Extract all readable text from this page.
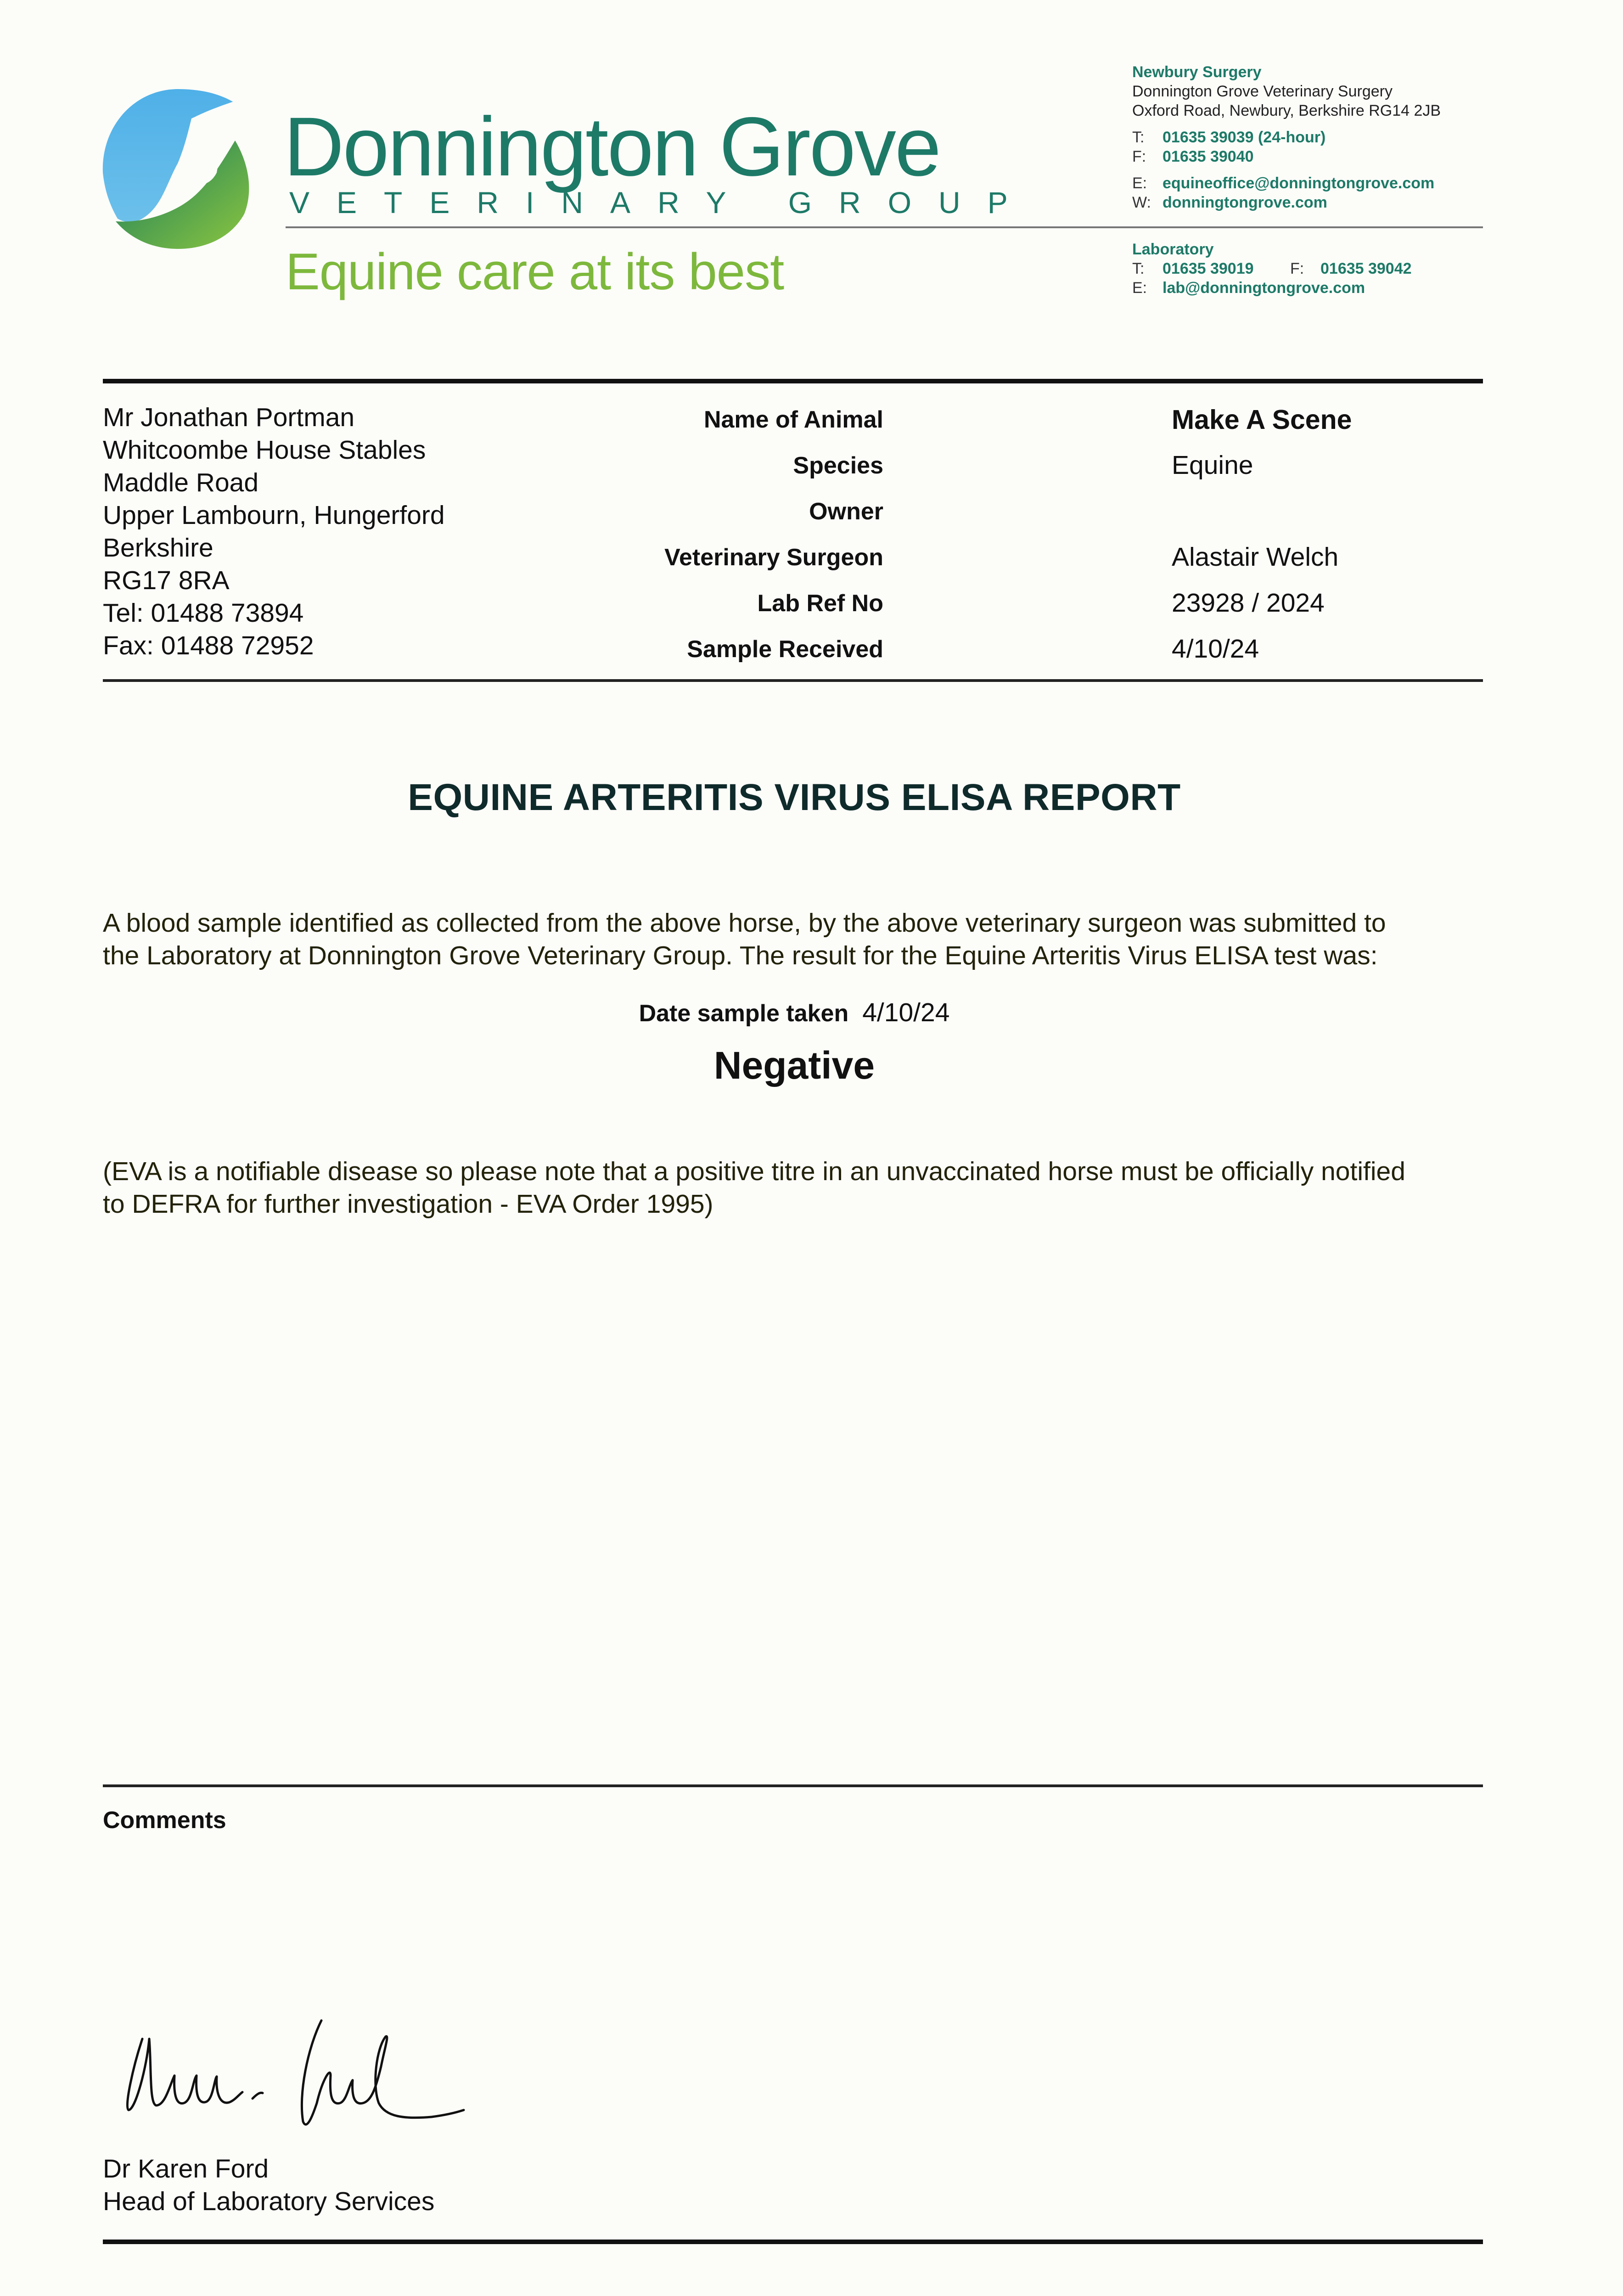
Donnington Grove
VETERINARY GROUP
Equine care at its best
Newbury Surgery
Donnington Grove Veterinary Surgery
Oxford Road, Newbury, Berkshire RG14 2JB
T: 01635 39039 (24-hour)
F: 01635 39040
E: equineoffice@donningtongrove.com
W: donningtongrove.com
Laboratory
T: 01635 39019 F: 01635 39042
E: lab@donningtongrove.com
Mr Jonathan Portman
Whitcoombe House Stables
Maddle Road
Upper Lambourn, Hungerford
Berkshire
RG17 8RA
Tel: 01488 73894
Fax: 01488 72952
Name of Animal	Make A Scene
Species	Equine
Owner
Veterinary Surgeon	Alastair Welch
Lab Ref No	23928 / 2024
Sample Received	4/10/24
EQUINE ARTERITIS VIRUS ELISA REPORT
A blood sample identified as collected from the above horse, by the above veterinary surgeon was submitted to
the Laboratory at Donnington Grove Veterinary Group. The result for the Equine Arteritis Virus ELISA test was:
Date sample taken 4/10/24
Negative
(EVA is a notifiable disease so please note that a positive titre in an unvaccinated horse must be officially notified
to DEFRA for further investigation - EVA Order 1995)
Comments
Dr Karen Ford
Head of Laboratory Services
